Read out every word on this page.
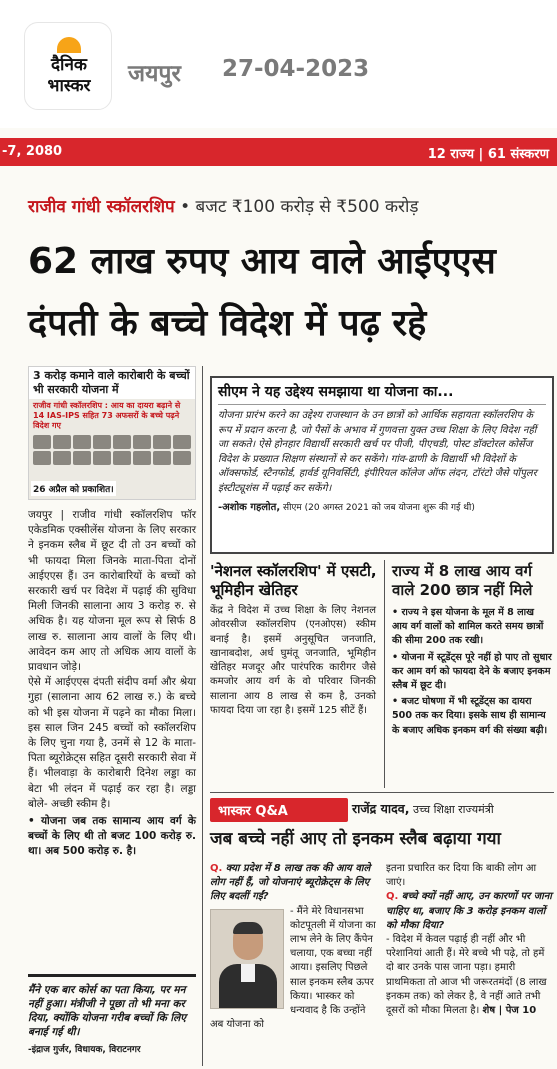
दैनिक
भास्कर	जयपुर 27-04-2023
-7, 2080	12 राज्य | 61 संस्करण
राजीव गांधी स्कॉलरशिप • बजट ₹100 करोड़ से ₹500 करोड़
62 लाख रुपए आय वाले आईएएस
दंपती के बच्चे विदेश में पढ़ रहे
3 करोड़ कमाने वाले कारोबारी के बच्चों भी सरकारी योजना में
राजीव गांधी स्कॉलरशिप : आय का दायरा बढ़ाने से 14 IAS-IPS सहित 73 अफसरों के बच्चे पढ़ने विदेश गए
26 अप्रैल को प्रकाशित।

जयपुर | राजीव गांधी स्कॉलरशिप फॉर एकेडमिक एक्सीलेंस योजना के लिए सरकार ने इनकम स्लैब में छूट दी तो उन बच्चों को भी फायदा मिला जिनके माता-पिता दोनों आईएएस हैं। उन कारोबारियों के बच्चों को सरकारी खर्च पर विदेश में पढ़ाई की सुविधा मिली जिनकी सालाना आय 3 करोड़ रु. से अधिक है। यह योजना मूल रूप से सिर्फ 8 लाख रु. सालाना आय वालों के लिए थी। आवेदन कम आए तो अधिक आय वालों के प्रावधान जोड़े।

ऐसे में आईएएस दंपती संदीप वर्मा और श्रेया गुहा (सालाना आय 62 लाख रु.) के बच्चे को भी इस योजना में पढ़ने का मौका मिला। इस साल जिन 245 बच्चों को स्कॉलरशिप के लिए चुना गया है, उनमें से 12 के माता-पिता ब्यूरोक्रेट्स सहित दूसरी सरकारी सेवा में हैं। भीलवाड़ा के कारोबारी दिनेश लड्डा का बेटा भी लंदन में पढ़ाई कर रहा है। लड्डा बोले- अच्छी स्कीम है।

• योजना जब तक सामान्य आय वर्ग के बच्चों के लिए थी तो बजट 100 करोड़ रु. था। अब 500 करोड़ रु. है।

मैंने एक बार कोर्स का पता किया, पर मन नहीं हुआ। मंत्रीजी ने पूछा तो भी मना कर दिया, क्योंकि योजना गरीब बच्चों कि लिए बनाई गई थी।
-इंद्राज गुर्जर, विधायक, विराटनगर
सीएम ने यह उद्देश्य समझाया था योजना का...
योजना प्रारंभ करने का उद्देश्य राजस्थान के उन छात्रों को आर्थिक सहायता स्कॉलरशिप के रूप में प्रदान करना है, जो पैसों के अभाव में गुणवत्ता युक्त उच्च शिक्षा के लिए विदेश नहीं जा सकते। ऐसे होनहार विद्यार्थी सरकारी खर्च पर पीजी, पीएचडी, पोस्ट डॉक्टोरल कोर्सेज विदेश के प्रख्यात शिक्षण संस्थानों से कर सकेंगे। गांव-ढाणी के विद्यार्थी भी विदेशों के ऑक्सफोर्ड, स्टैनफोर्ड, हार्वर्ड यूनिवर्सिटी, इंपीरियल कॉलेज ऑफ लंदन, टॉरंटो जैसे पॉपुलर इंस्टीट्यूशंस में पढ़ाई कर सकेंगे।
-अशोक गहलोत, सीएम (20 अगस्त 2021 को जब योजना शुरू की गई थी)
'नेशनल स्कॉलरशिप' में एसटी, भूमिहीन खेतिहर
केंद्र ने विदेश में उच्च शिक्षा के लिए नेशनल ओवरसीज स्कॉलरशिप (एनओएस) स्कीम बनाई है। इसमें अनुसूचित जनजाति, खानाबदोश, अर्ध घुमंतू जनजाति, भूमिहीन खेतिहर मजदूर और पारंपरिक कारीगर जैसे कमजोर आय वर्ग के वो परिवार जिनकी सालाना आय 8 लाख से कम है, उनको फायदा दिया जा रहा है। इसमें 125 सीटें हैं।
राज्य में 8 लाख आय वर्ग वाले 200 छात्र नहीं मिले

• राज्य ने इस योजना के मूल में 8 लाख आय वर्ग वालों को शामिल करते समय छात्रों की सीमा 200 तक रखी।

• योजना में स्टूडेंट्स पूरे नहीं हो पाए तो सुधार कर आम वर्ग को फायदा देने के बजाए इनकम स्लैब में छूट दी।

• बजट घोषणा में भी स्टूडेंट्स का दायरा 500 तक कर दिया। इसके साथ ही सामान्य के बजाए अधिक इनकम वर्ग की संख्या बढ़ी।

भास्कर Q&A	राजेंद्र यादव, उच्च शिक्षा राज्यमंत्री
जब बच्चे नहीं आए तो इनकम स्लैब बढ़ाया गया
Q. क्या प्रदेश में 8 लाख तक की आय वाले लोग नहीं हैं, जो योजनाएं ब्यूरोक्रेट्स के लिए लिए बदलीं गईं?
- मैंने मेरे विधानसभा कोटपूतली में योजना का लाभ लेने के लिए कैंपेन चलाया, एक बच्चा नहीं आया। इसलिए पिछले साल इनकम स्लैब ऊपर किया। भास्कर को धन्यवाद है कि उन्होंने अब योजना को
इतना प्रचारित कर दिया कि बाकी लोग आ जाएं।
Q. बच्चे क्यों नहीं आए, उन कारणों पर जाना चाहिए था, बजाए कि 3 करोड़ इनकम वालों को मौका दिया?
- विदेश में केवल पढ़ाई ही नहीं और भी परेशानियां आती हैं। मेरे बच्चे भी पढ़े, तो हमें दो बार उनके पास जाना पड़ा। हमारी प्राथमिकता तो आज भी जरूरतमंदों (8 लाख इनकम तक) को लेकर है, वे नहीं आते तभी दूसरों को मौका मिलता है। शेष | पेज 10
